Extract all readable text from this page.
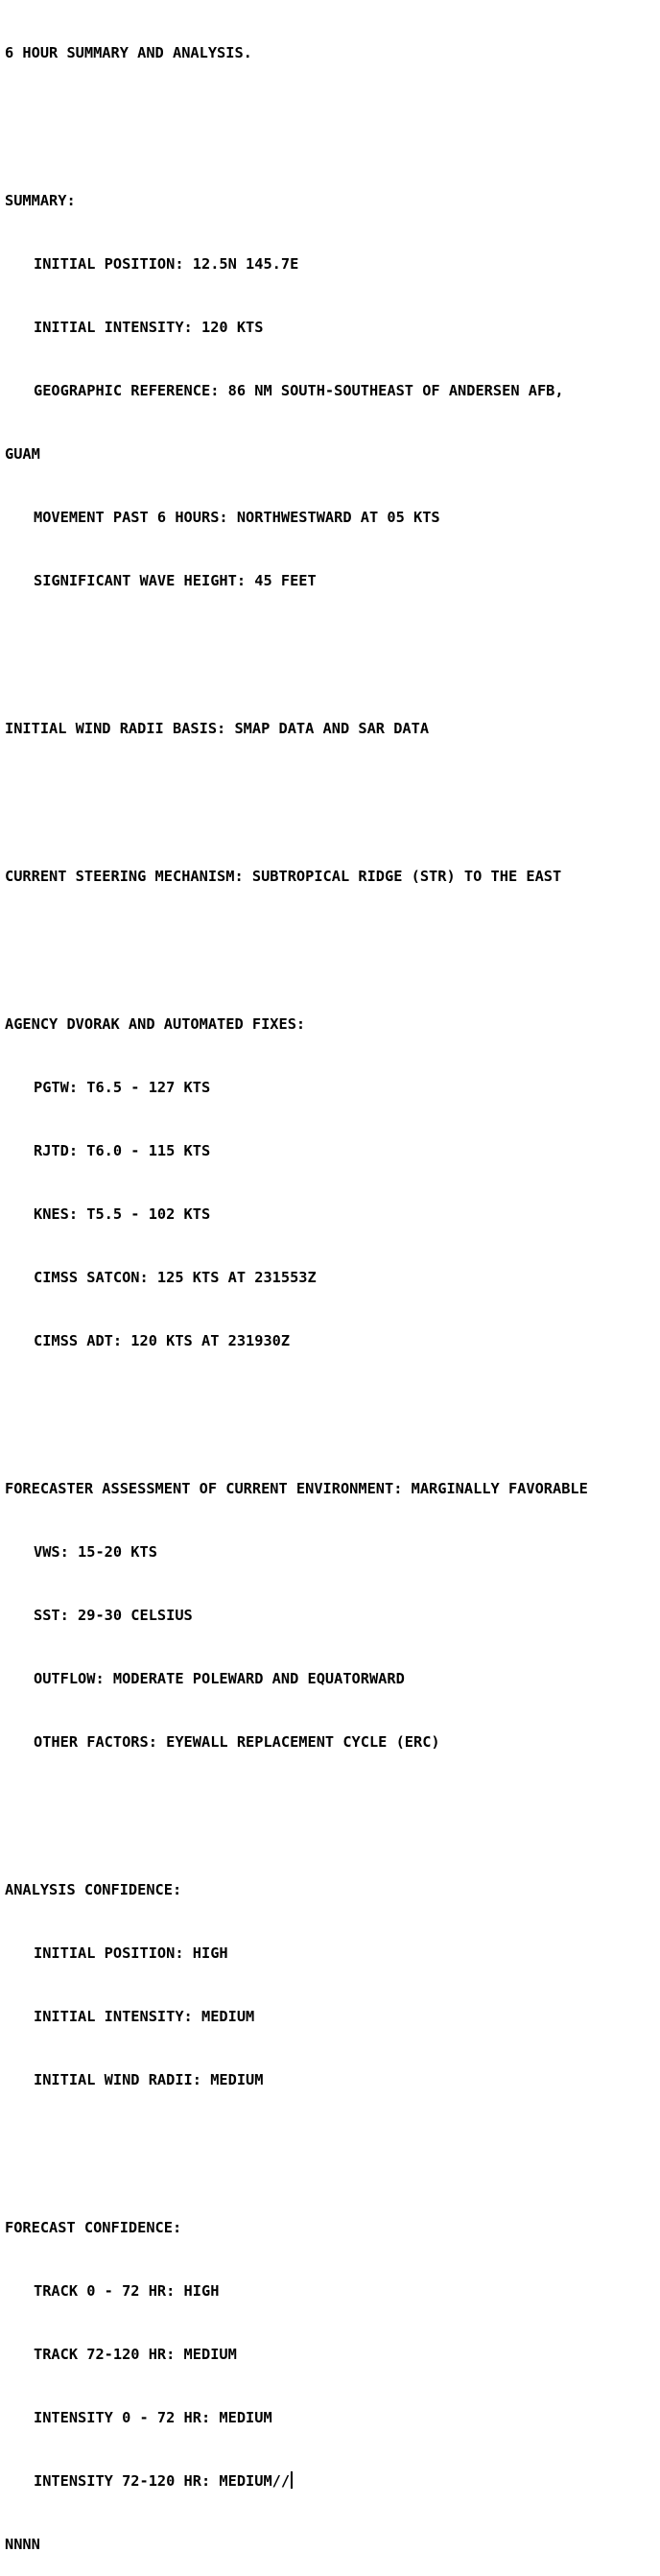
6 HOUR SUMMARY AND ANALYSIS.

SUMMARY:

INITIAL POSITION: 12.5N 145.7E

INITIAL INTENSITY: 120 KTS

GEOGRAPHIC REFERENCE: 86 NM SOUTH-SOUTHEAST OF ANDERSEN AFB,

GUAM

MOVEMENT PAST 6 HOURS: NORTHWESTWARD AT 05 KTS

SIGNIFICANT WAVE HEIGHT: 45 FEET

INITIAL WIND RADII BASIS: SMAP DATA AND SAR DATA

CURRENT STEERING MECHANISM: SUBTROPICAL RIDGE (STR) TO THE EAST

AGENCY DVORAK AND AUTOMATED FIXES:

PGTW: T6.5 - 127 KTS

RJTD: T6.0 - 115 KTS

KNES: T5.5 - 102 KTS

CIMSS SATCON: 125 KTS AT 231553Z

CIMSS ADT: 120 KTS AT 231930Z

FORECASTER ASSESSMENT OF CURRENT ENVIRONMENT: MARGINALLY FAVORABLE

VWS: 15-20 KTS

SST: 29-30 CELSIUS

OUTFLOW: MODERATE POLEWARD AND EQUATORWARD

OTHER FACTORS: EYEWALL REPLACEMENT CYCLE (ERC)

ANALYSIS CONFIDENCE:

INITIAL POSITION: HIGH

INITIAL INTENSITY: MEDIUM

INITIAL WIND RADII: MEDIUM

FORECAST CONFIDENCE:

TRACK 0 - 72 HR: HIGH

TRACK 72-120 HR: MEDIUM

INTENSITY 0 - 72 HR: MEDIUM

INTENSITY 72-120 HR: MEDIUM//

NNNN
